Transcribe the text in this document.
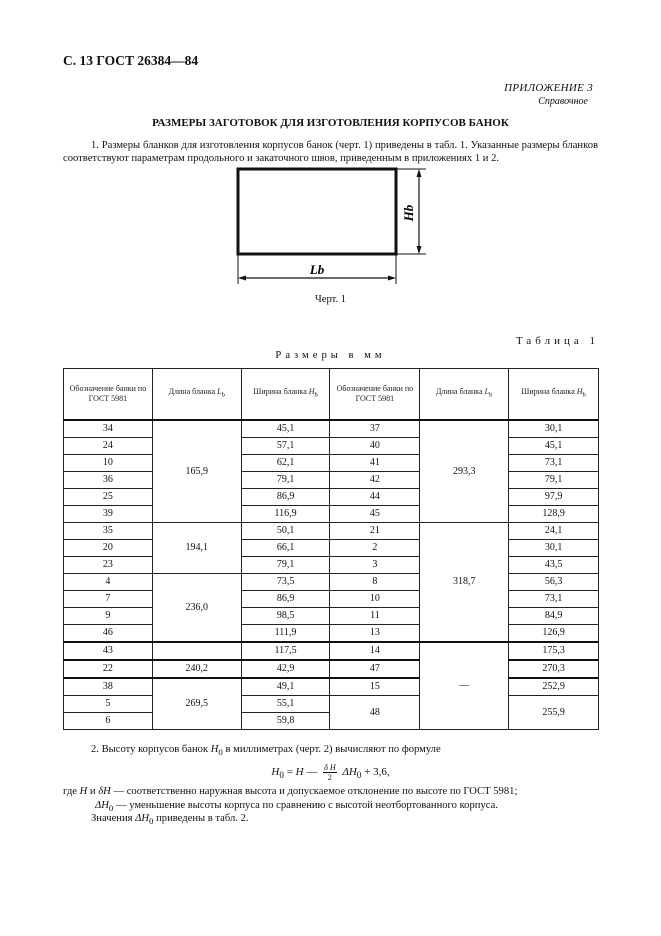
С. 13 ГОСТ 26384—84
ПРИЛОЖЕНИЕ 3
Справочное
РАЗМЕРЫ ЗАГОТОВОК ДЛЯ ИЗГОТОВЛЕНИЯ КОРПУСОВ БАНОК
1. Размеры бланков для изготовления корпусов банок (черт. 1) приведены в табл. 1. Указанные размеры бланков соответствуют параметрам продольного и закаточного швов, приведенным в приложениях 1 и 2.
Hb
Lb
Черт. 1
Таблица 1
Размеры в мм
Обозначение банки по ГОСТ 5981	Длина бланка $L_b$	Ширина бланка $H_b$	Обозначение банки по ГОСТ 5981	Длина бланка $L_b$	Ширина бланка $H_b$
34	165,9	45,1	37	293,3	30,1
24		57,1	40		45,1
10		62,1	41		73,1
36		79,1	42		79,1
25		86,9	44		97,9
39		116,9	45		128,9
35	194,1	50,1	21	318,7	24,1
20		66,1	2		30,1
23		79,1	3		43,5
4	236,0	73,5	8		56,3
7		86,9	10		73,1
9		98,5	11		84,9
46		111,9	13		126,9
43		117,5	14	—	175,3
22	240,2	42,9	47		270,3
38	269,5	49,1	15		252,9
5		55,1	48		255,9
6		59,8			
2. Высоту корпусов банок $H_0$ в миллиметрах (черт. 2) вычисляют по формуле
$H_0 = H$ — $\frac{\text{δ H}}{2} \Delta H_0 + 3,6$,
где H и δH — соответственно наружная высота и допускаемое отклонение по высоте по ГОСТ 5981;
$\Delta H_0$ — уменьшение высоты корпуса по сравнению с высотой неотбортованного корпуса.
Значения $\Delta H_0$ приведены в табл. 2.
